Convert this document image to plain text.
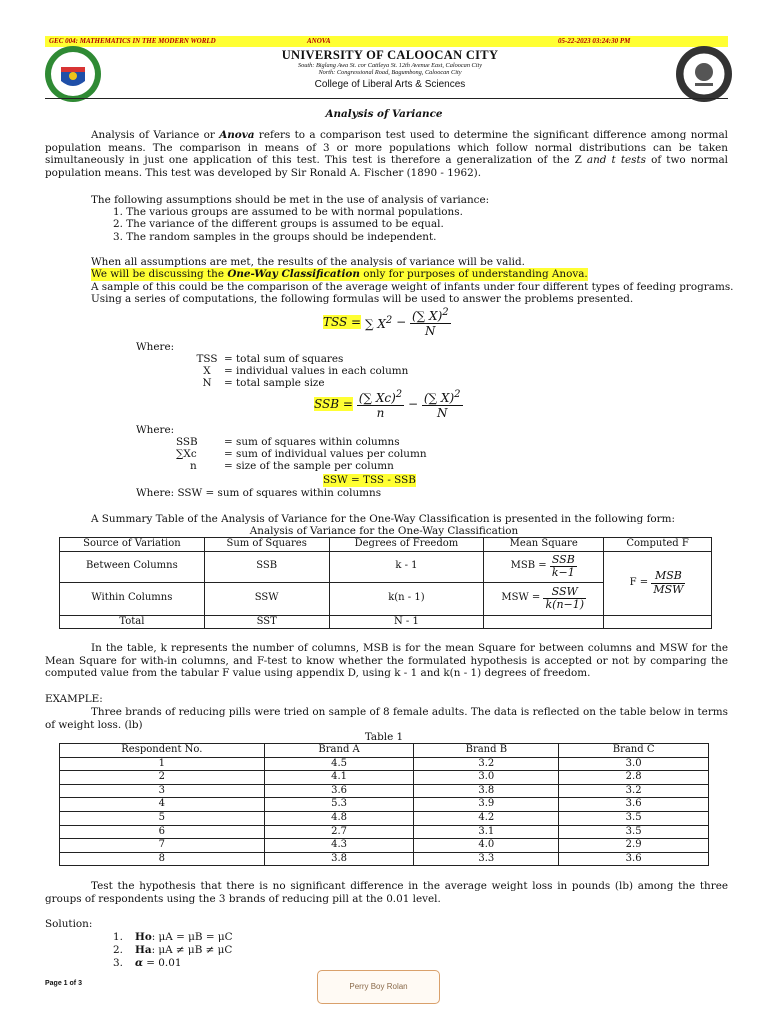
GEC 004: MATHEMATICS IN THE MODERN WORLD	ANOVA	05-22-2023 03:24:30 PM
UNIVERSITY OF CALOOCAN CITY
South: Biglang Awa St. cor Cattleya St. 12th Avenue East, Caloocan City
North: Congressional Road, Bagumbong, Caloocan City
College of Liberal Arts & Sciences
Analysis of Variance
Analysis of Variance or Anova refers to a comparison test used to determine the significant difference among normal population means. The comparison in means of 3 or more populations which follow normal distributions can be taken simultaneously in just one application of this test. This test is therefore a generalization of the Z and t tests of two normal population means. This test was developed by Sir Ronald A. Fischer (1890 - 1962).
The following assumptions should be met in the use of analysis of variance:
1. The various groups are assumed to be with normal populations.
2. The variance of the different groups is assumed to be equal.
3. The random samples in the groups should be independent.
When all assumptions are met, the results of the analysis of variance will be valid.
We will be discussing the One-Way Classification only for purposes of understanding Anova.
A sample of this could be the comparison of the average weight of infants under four different types of feeding programs.
Using a series of computations, the following formulas will be used to answer the problems presented.
TSS = ∑ $X^2 - \frac{(\sum X)^2}{N}$
Where:
TSS = total sum of squares
X = individual values in each column
N = total sample size
SSB = $\frac{(\sum Xc)^2}{n} - \frac{(\sum X)^2}{N}$
Where:
SSB	= sum of squares within columns
∑Xc	= sum of individual values per column
n	= size of the sample per column
SSW = TSS - SSB
Where: SSW = sum of squares within columns
A Summary Table of the Analysis of Variance for the One-Way Classification is presented in the following form:
Analysis of Variance for the One-Way Classification
Source of Variation	Sum of Squares	Degrees of Freedom	Mean Square	Computed F
Between Columns	SSB	k - 1	MSB = $\frac{\text{SSB}}{k-1}$	$F = \frac{\text{MSB}}{\text{MSW}}$

Within Columns	SSW	k(n - 1)	MSW = $\frac{\text{SSW}}{k(n-1)}$

Total	SST	N - 1		
In the table, k represents the number of columns, MSB is for the mean Square for between columns and MSW for the Mean Square for with-in columns, and F-test to know whether the formulated hypothesis is accepted or not by comparing the computed value from the tabular F value using appendix D, using k - 1 and k(n - 1) degrees of freedom.
EXAMPLE:
Three brands of reducing pills were tried on sample of 8 female adults. The data is reflected on the table below in terms of weight loss. (lb)
Table 1
Respondent No.	Brand A	Brand B	Brand C
1	4.5	3.2	3.0
2	4.1	3.0	2.8
3	3.6	3.8	3.2
4	5.3	3.9	3.6
5	4.8	4.2	3.5
6	2.7	3.1	3.5
7	4.3	4.0	2.9
8	3.8	3.3	3.6
Test the hypothesis that there is no significant difference in the average weight loss in pounds (lb) among the three groups of respondents using the 3 brands of reducing pill at the 0.01 level.
Solution:
1. Ho: μA = μB = μC
2. Ha: μA ≠ μB ≠ μC
3. α = 0.01
Page 1 of 3	Perry Boy Rolan
